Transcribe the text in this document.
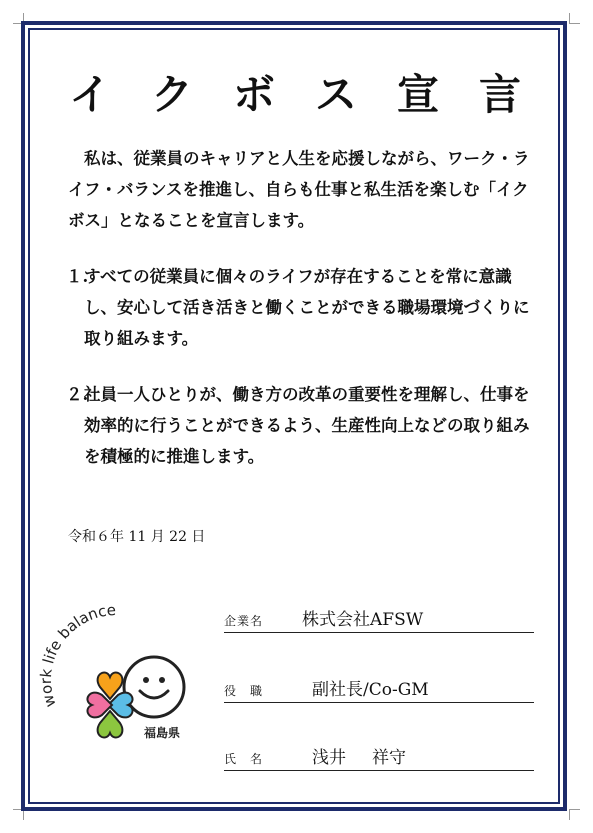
イ ク ボ ス 宣 言

私は、従業員のキャリアと人生を応援しながら、ワーク・ライフ・バランスを推進し、自らも仕事と私生活を楽しむ「イクボス」となることを宣言します。

１.
すべての従業員に個々のライフが存在することを常に意識し、安心して活き活きと働くことができる職場環境づくりに取り組みます。
２.
社員一人ひとりが、働き方の改革の重要性を理解し、仕事を効率的に行うことができるよう、生産性向上などの取り組みを積極的に推進します。
令和６年 11 月 22 日
work life balance
福島県
企業名 株式会社AFSW
役　職	副社長/Co-GM
氏　名	浅井 祥守
